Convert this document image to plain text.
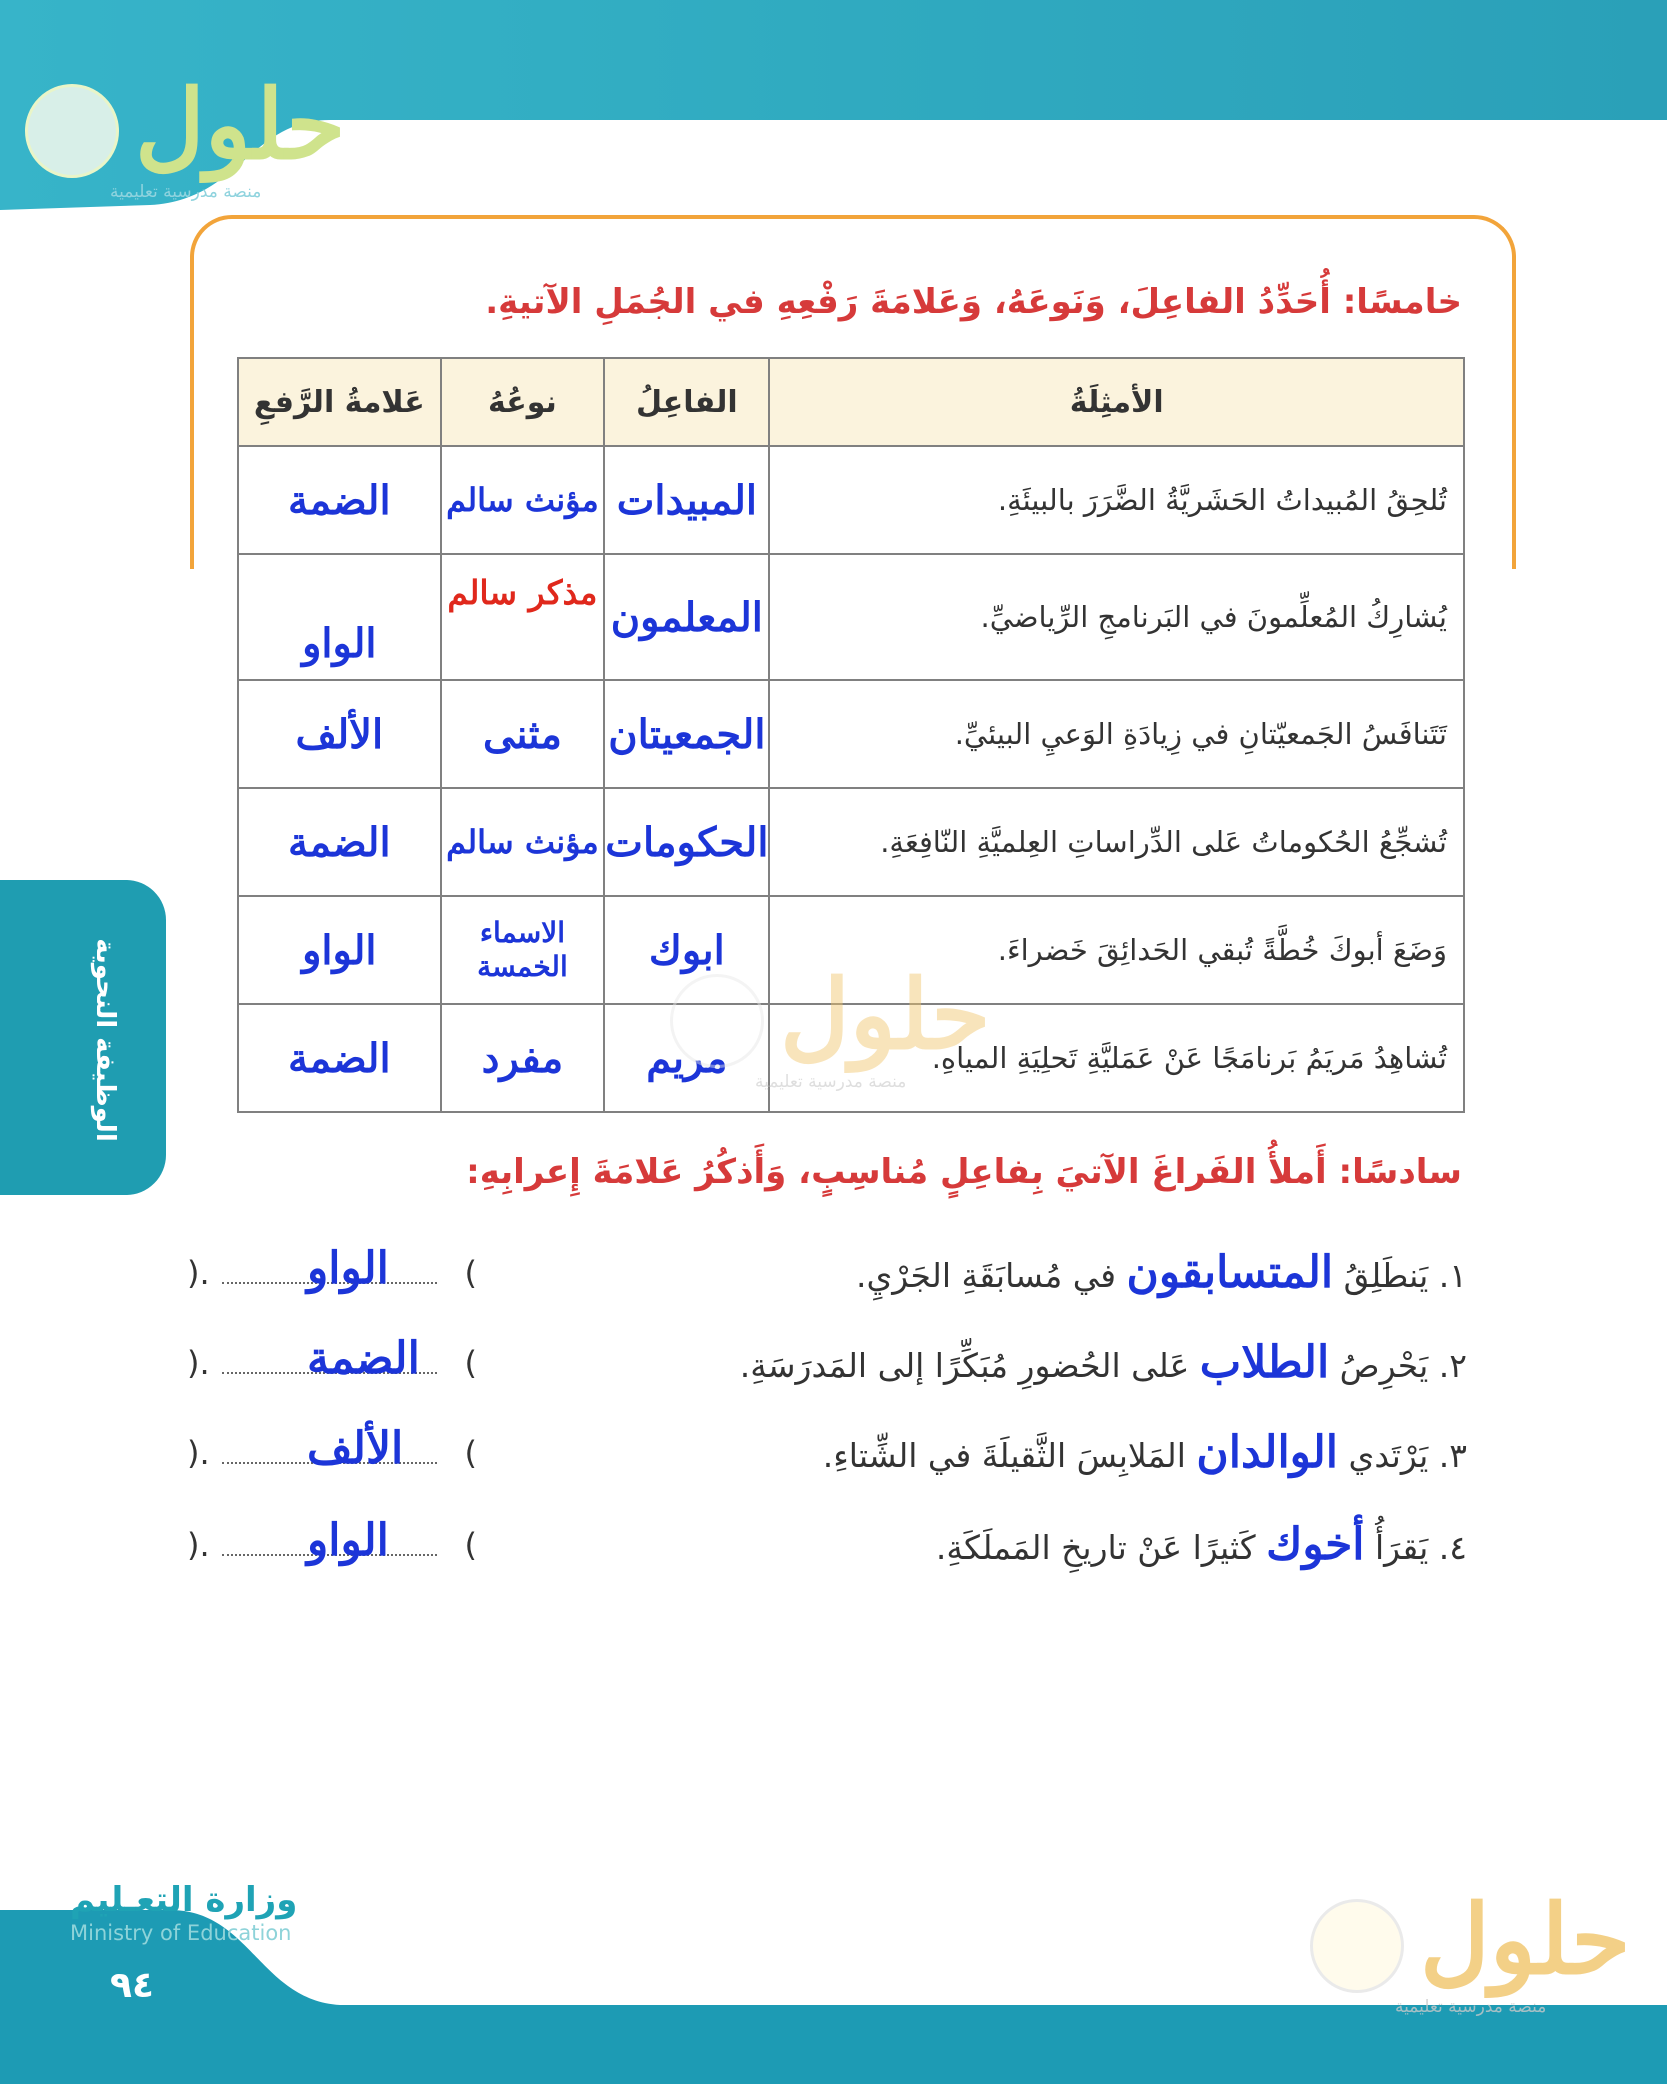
حلول
منصة مدرسية تعليمية
الوظيفة النحوية
خامسًا: أُحَدِّدُ الفاعِلَ، وَنَوعَهُ، وَعَلامَةَ رَفْعِهِ في الجُمَلِ الآتيةِ.
الأمثِلَةُ	الفاعِلُ	نوعُهُ	عَلامةُ الرَّفعِ
تُلحِقُ المُبيداتُ الحَشَريَّةُ الضَّرَرَ بالبيئَةِ.	المبيدات	مؤنث سالم	الضمة
يُشارِكُ المُعلِّمونَ في البَرنامجِ الرِّياضيِّ.	المعلمون	مذكر سالم	الواو
تَتَنافَسُ الجَمعيّتانِ في زِيادَةِ الوَعيِ البيئيِّ.	الجمعيتان	مثنى	الألف
تُشجِّعُ الحُكوماتُ عَلى الدِّراساتِ العِلميَّةِ النّافِعَةِ.	الحكومات	مؤنث سالم	الضمة
وَضَعَ أبوكَ خُطَّةً تُبقي الحَدائِقَ خَضراءَ.	ابوك	الاسماء الخمسة	الواو
تُشاهِدُ مَريَمُ بَرنامَجًا عَنْ عَمَليَّةِ تَحلِيَةِ المياهِ.	مريم	مفرد	الضمة	حلول
منصة مدرسية تعليمية
سادسًا: أَملأُ الفَراغَ الآتيَ بِفاعِلٍ مُناسِبٍ، وَأَذكُرُ عَلامَةَ إِعرابِهِ:
١. يَنطَلِقُ المتسابقون في مُسابَقَةِ الجَرْيِ.
). الواو (
٢. يَحْرِصُ الطلاب عَلى الحُضورِ مُبَكِّرًا إلى المَدرَسَةِ.
). الضمة (
٣. يَرْتَدي الوالدان المَلابِسَ الثَّقيلَةَ في الشِّتاءِ.
). الألف (
٤. يَقرَأُ أخوك كَثيرًا عَنْ تاريخِ المَملَكَةِ.
). الواو (
وزارة التعـليم
Ministry of Education
٩٤	حلول
منصة مدرسية تعليمية
